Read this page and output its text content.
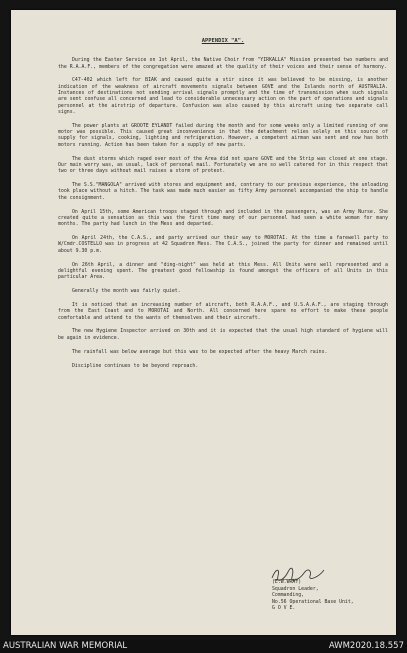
APPENDIX "A".
During the Easter Service on 1st April, the Native Choir from "YIRKALLA" Mission presented two numbers and the R.A.A.F., members of the congregation were amazed at the quality of their voices and their sense of harmony.
C47-402 which left for BIAK and caused quite a stir since it was believed to be missing, is another indication of the weakness of aircraft movements signals between GOVE and the Islands north of AUSTRALIA. Instances of destinations not sending arrival signals promptly and the time of transmission when such signals are sent confuse all concerned and lead to considerable unnecessary action on the part of operations and signals personnel at the airstrip of departure. Confusion was also caused by this aircraft using two separate call signs.
The power plants at GROOTE EYLANDT failed during the month and for some weeks only a limited running of one motor was possible. This caused great inconvenience in that the detachment relies solely on this source of supply for signals, cooking, lighting and refrigeration. However, a competent airman was sent and now has both motors running. Action has been taken for a supply of new parts.
The dust storms which raged over most of the Area did not spare GOVE and the Strip was closed at one stage. Our main worry was, as usual, lack of personal mail. Fortunately we are so well catered for in this respect that two or three days without mail raises a storm of protest.
The S.S."MANGOLA" arrived with stores and equipment and, contrary to our previous experience, the unloading took place without a hitch. The task was made much easier as fifty Army personnel accompanied the ship to handle the consignment.
On April 15th, some American troops staged through and included in the passengers, was an Army Nurse. She created quite a sensation as this was the first time many of our personnel had seen a white woman for many months. The party had lunch in the Mess and departed.
On April 24th, the C.A.S., and party arrived our their way to MOROTAI. At the time a farewell party to W/Cmdr.COSTELLO was in progress at 42 Squadron Mess. The C.A.S., joined the party for dinner and remained until about 9.30 p.m.
On 26th April, a dinner and "ding-night" was held at this Mess. All Units were well represented and a delightful evening spent. The greatest good fellowship is found amongst the officers of all Units in this particular Area.
Generally the month was fairly quiet.
It is noticed that an increasing number of aircraft, both R.A.A.F., and U.S.A.A.F., are staging through from the East Coast and to MOROTAI and North. All concerned here spare no effort to make these people comfortable and attend to the wants of themselves and their aircraft.
The new Hygiene Inspector arrived on 30th and it is expected that the usual high standard of hygiene will be again in evidence.
The rainfall was below average but this was to be expected after the heavy March rains.
Discipline continues to be beyond reproach.
(E.W.WRAY)
Squadron Leader,
Commanding,
No.56 Operational Base Unit,
G O V E.
AUSTRALIAN WAR MEMORIAL	AWM2020.18.557
